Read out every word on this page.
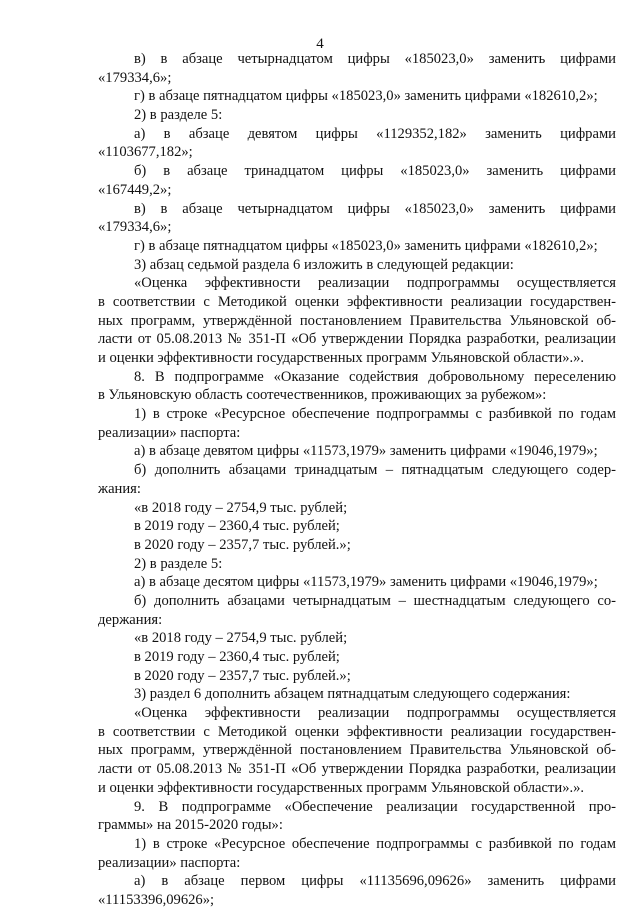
4
в) в абзаце четырнадцатом цифры «185023,0» заменить цифрами
«179334,6»;
г) в абзаце пятнадцатом цифры «185023,0» заменить цифрами «182610,2»;
2) в разделе 5:
а) в абзаце девятом цифры «1129352,182» заменить цифрами
«1103677,182»;
б) в абзаце тринадцатом цифры «185023,0» заменить цифрами
«167449,2»;
в) в абзаце четырнадцатом цифры «185023,0» заменить цифрами
«179334,6»;
г) в абзаце пятнадцатом цифры «185023,0» заменить цифрами «182610,2»;
3) абзац седьмой раздела 6 изложить в следующей редакции:
«Оценка эффективности реализации подпрограммы осуществляется
в соответствии с Методикой оценки эффективности реализации государствен-
ных программ, утверждённой постановлением Правительства Ульяновской об-
ласти от 05.08.2013 № 351-П «Об утверждении Порядка разработки, реализации
и оценки эффективности государственных программ Ульяновской области».».
8. В подпрограмме «Оказание содействия добровольному переселению
в Ульяновскую область соотечественников, проживающих за рубежом»:
1) в строке «Ресурсное обеспечение подпрограммы с разбивкой по годам
реализации» паспорта:
а) в абзаце девятом цифры «11573,1979» заменить цифрами «19046,1979»;
б) дополнить абзацами тринадцатым – пятнадцатым следующего содер-
жания:
«в 2018 году – 2754,9 тыс. рублей;
в 2019 году – 2360,4 тыс. рублей;
в 2020 году – 2357,7 тыс. рублей.»;
2) в разделе 5:
а) в абзаце десятом цифры «11573,1979» заменить цифрами «19046,1979»;
б) дополнить абзацами четырнадцатым – шестнадцатым следующего со-
держания:
«в 2018 году – 2754,9 тыс. рублей;
в 2019 году – 2360,4 тыс. рублей;
в 2020 году – 2357,7 тыс. рублей.»;
3) раздел 6 дополнить абзацем пятнадцатым следующего содержания:
«Оценка эффективности реализации подпрограммы осуществляется
в соответствии с Методикой оценки эффективности реализации государствен-
ных программ, утверждённой постановлением Правительства Ульяновской об-
ласти от 05.08.2013 № 351-П «Об утверждении Порядка разработки, реализации
и оценки эффективности государственных программ Ульяновской области».».
9. В подпрограмме «Обеспечение реализации государственной про-
граммы» на 2015-2020 годы»:
1) в строке «Ресурсное обеспечение подпрограммы с разбивкой по годам
реализации» паспорта:
а) в абзаце первом цифры «11135696,09626» заменить цифрами
«11153396,09626»;
